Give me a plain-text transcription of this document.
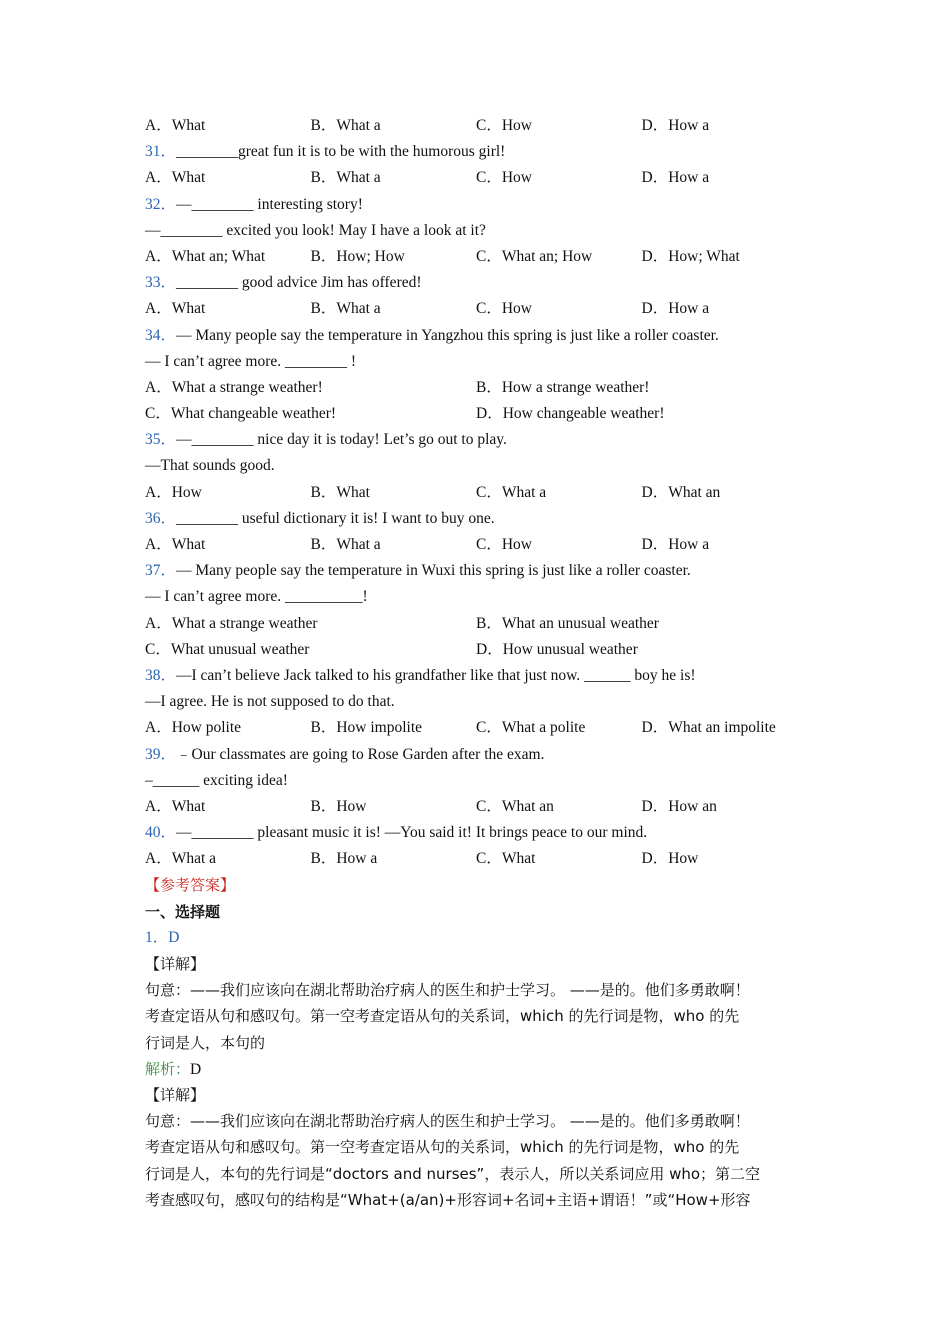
A．What	B．What a	C．How	D．How a
31．________great fun it is to be with the humorous girl!
A．What	B．What a	C．How	D．How a
32．—________ interesting story!
—________ excited you look! May I have a look at it?
A．What an; What	B．How; How	C．What an; How	D．How; What
33．________ good advice Jim has offered!
A．What	B．What a	C．How	D．How a
34．— Many people say the temperature in Yangzhou this spring is just like a roller coaster.
— I can’t agree more. ________ !
A．What a strange weather!	B．How a strange weather!
C．What changeable weather!	D．How changeable weather!
35．—________ nice day it is today! Let’s go out to play.
—That sounds good.
A．How	B．What	C．What a	D．What an
36．________ useful dictionary it is! I want to buy one.
A．What	B．What a	C．How	D．How a
37．— Many people say the temperature in Wuxi this spring is just like a roller coaster.
— I can’t agree more. __________!
A．What a strange weather	B．What an unusual weather
C．What unusual weather	D．How unusual weather
38．—I can’t believe Jack talked to his grandfather like that just now. ______ boy he is!
—I agree. He is not supposed to do that.
A．How polite	B．How impolite	C．What a polite	D．What an impolite
39．﹣Our classmates are going to Rose Garden after the exam.
–______ exciting idea!
A．What	B．How	C．What an	D．How an
40．—________ pleasant music it is! —You said it! It brings peace to our mind.
A．What a	B．How a	C．What	D．How
【参考答案】
一、选择题
1．D
【详解】
句意：——我们应该向在湖北帮助治疗病人的医生和护士学习。 ——是的。他们多勇敢啊！
考查定语从句和感叹句。第一空考查定语从句的关系词，which 的先行词是物，who 的先
行词是人，本句的
解析：D
【详解】
句意：——我们应该向在湖北帮助治疗病人的医生和护士学习。 ——是的。他们多勇敢啊！
考查定语从句和感叹句。第一空考查定语从句的关系词，which 的先行词是物，who 的先
行词是人，本句的先行词是“doctors and nurses”，表示人，所以关系词应用 who；第二空
考查感叹句，感叹句的结构是“What+(a/an)+形容词+名词+主语+谓语！”或“How+形容
